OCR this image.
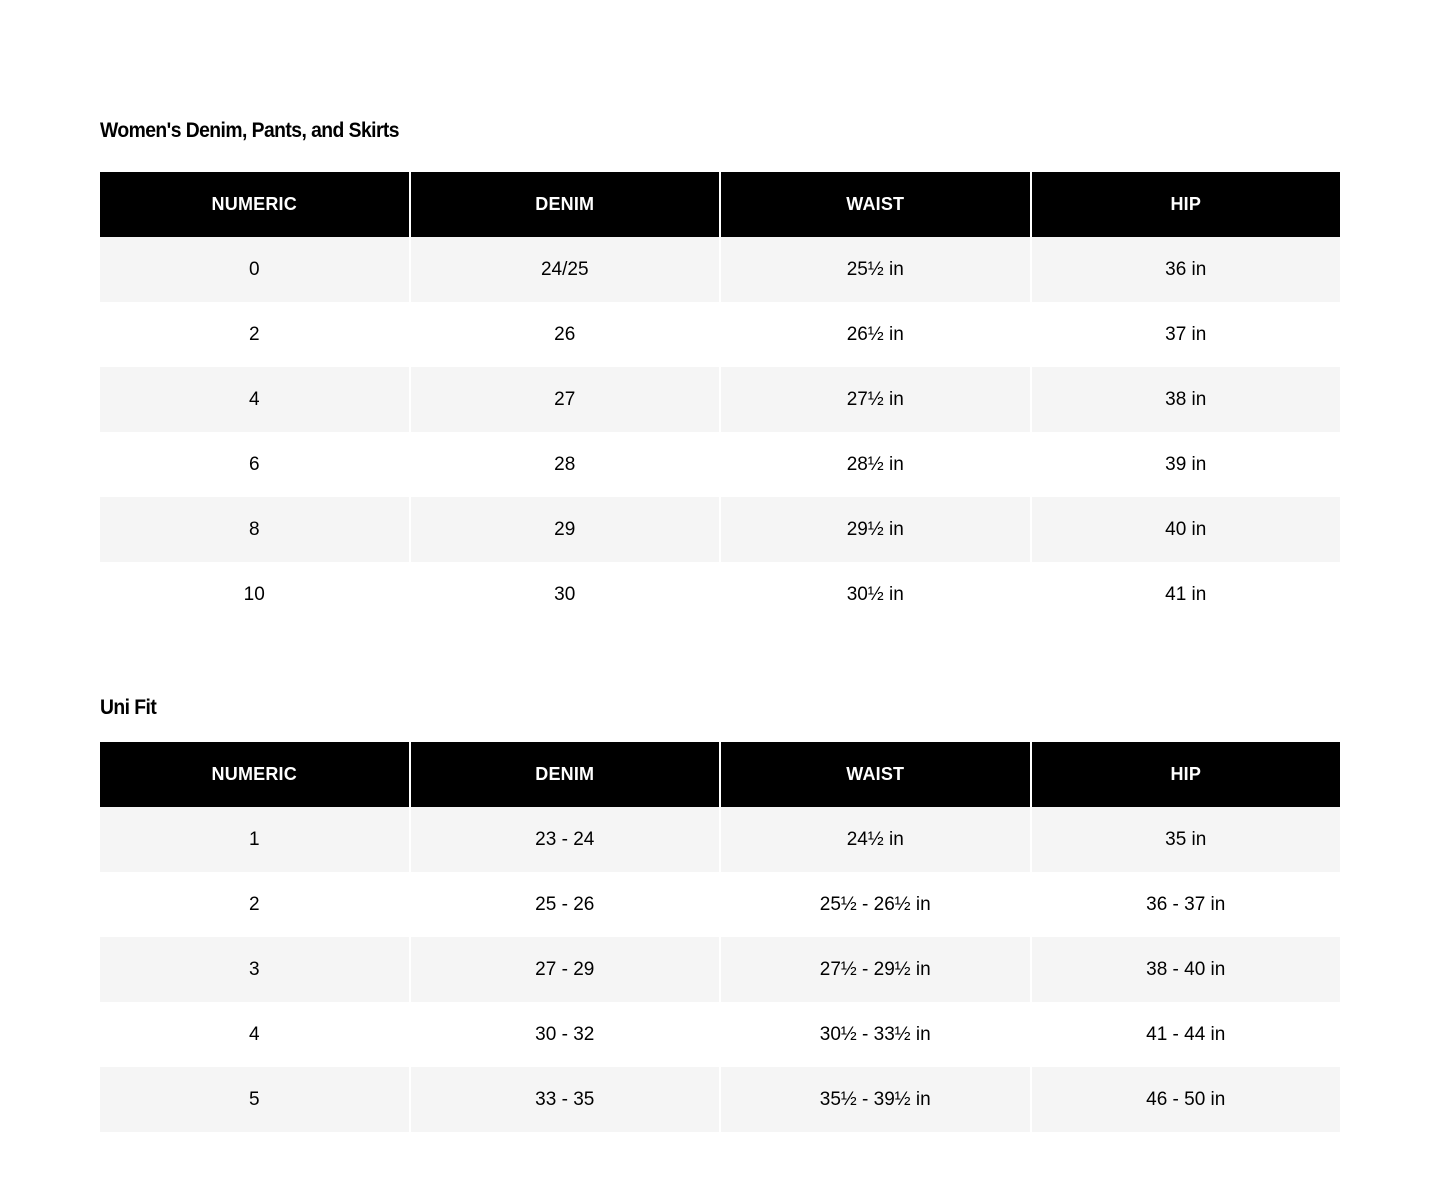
Women's Denim, Pants, and Skirts
NUMERIC	DENIM	WAIST	HIP
0	24/25	25½ in	36 in
2	26	26½ in	37 in
4	27	27½ in	38 in
6	28	28½ in	39 in
8	29	29½ in	40 in
10	30	30½ in	41 in
Uni Fit
NUMERIC	DENIM	WAIST	HIP
1	23 - 24	24½ in	35 in
2	25 - 26	25½ - 26½ in	36 - 37 in
3	27 - 29	27½ - 29½ in	38 - 40 in
4	30 - 32	30½ - 33½ in	41 - 44 in
5	33 - 35	35½ - 39½ in	46 - 50 in
